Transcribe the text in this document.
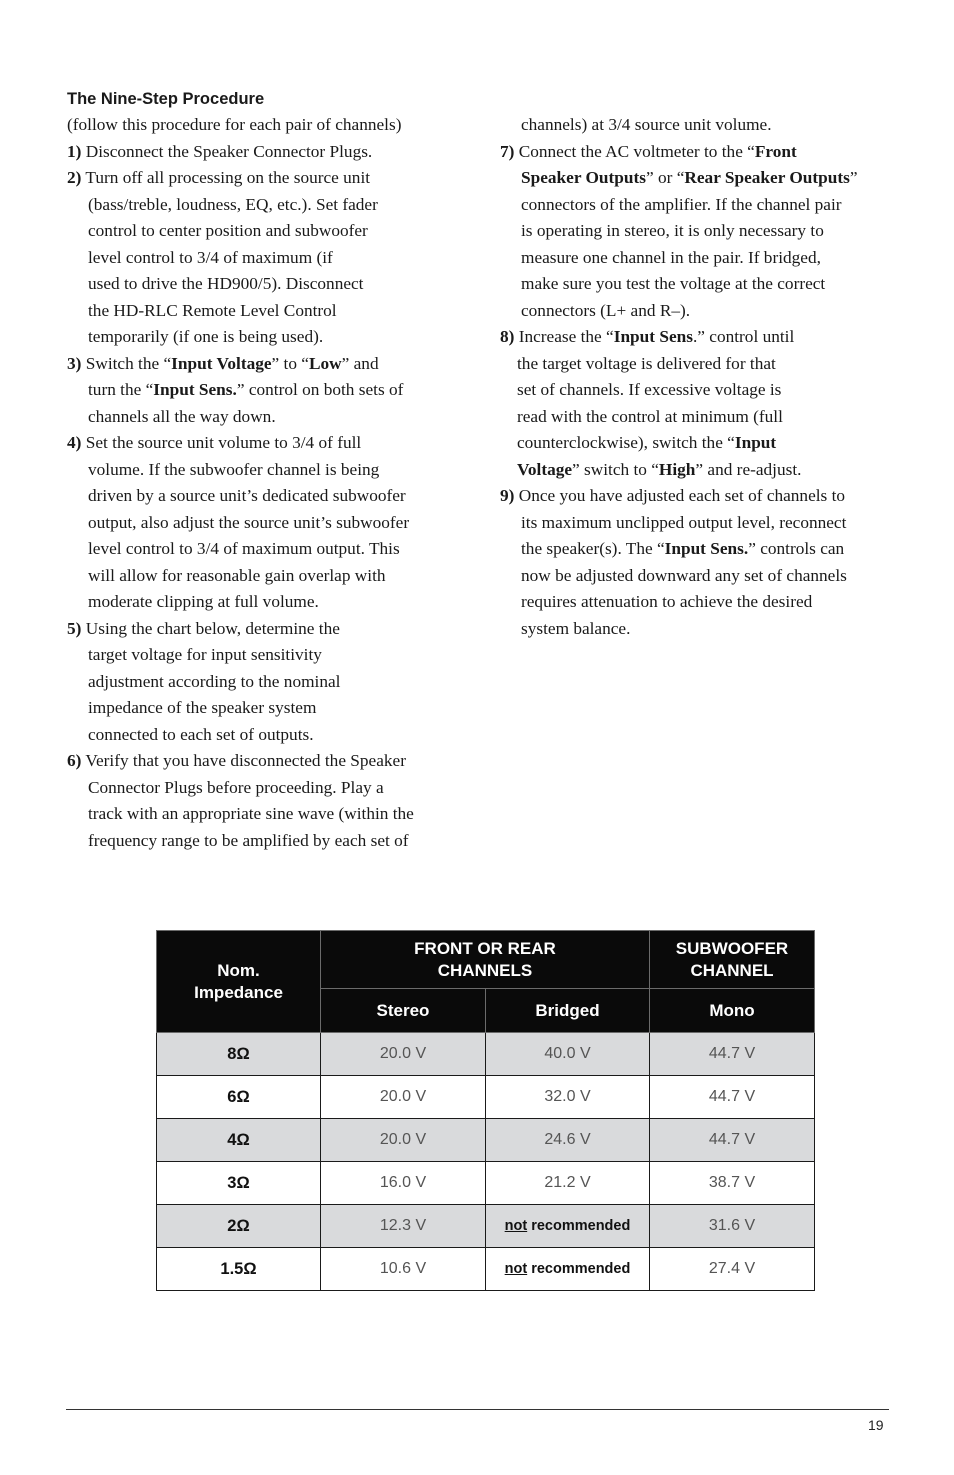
The Nine-Step Procedure
(follow this procedure for each pair of channels)
1) Disconnect the Speaker Connector Plugs.
2) Turn off all processing on the source unit
(bass/treble, loudness, EQ, etc.). Set fader
control to center position and subwoofer
level control to 3/4 of maximum (if
used to drive the HD900/5). Disconnect
the HD-RLC Remote Level Control
temporarily (if one is being used).
3) Switch the “Input Voltage” to “Low” and
turn the “Input Sens.” control on both sets of
channels all the way down.
4) Set the source unit volume to 3/4 of full
volume. If the subwoofer channel is being
driven by a source unit’s dedicated subwoofer
output, also adjust the source unit’s subwoofer
level control to 3/4 of maximum output. This
will allow for reasonable gain overlap with
moderate clipping at full volume.
5) Using the chart below, determine the
target voltage for input sensitivity
adjustment according to the nominal
impedance of the speaker system
connected to each set of outputs.
6) Verify that you have disconnected the Speaker
Connector Plugs before proceeding. Play a
track with an appropriate sine wave (within the
frequency range to be amplified by each set of
channels) at 3/4 source unit volume.
7) Connect the AC voltmeter to the “Front
Speaker Outputs” or “Rear Speaker Outputs”
connectors of the amplifier. If the channel pair
is operating in stereo, it is only necessary to
measure one channel in the pair. If bridged,
make sure you test the voltage at the correct
connectors (L+ and R–).
8) Increase the “Input Sens.” control until
the target voltage is delivered for that
set of channels. If excessive voltage is
read with the control at minimum (full
counterclockwise), switch the “Input
Voltage” switch to “High” and re-adjust.
9) Once you have adjusted each set of channels to
its maximum unclipped output level, reconnect
the speaker(s). The “Input Sens.” controls can
now be adjusted downward any set of channels
requires attenuation to achieve the desired
system balance.
Nom.
Impedance	FRONT OR REAR
CHANNELS		SUBWOOFER
CHANNEL
	Stereo	Bridged	Mono
8Ω	20.0 V	40.0 V	44.7 V
6Ω	20.0 V	32.0 V	44.7 V
4Ω	20.0 V	24.6 V	44.7 V
3Ω	16.0 V	21.2 V	38.7 V
2Ω	12.3 V	not recommended	31.6 V
1.5Ω	10.6 V	not recommended	27.4 V
19
